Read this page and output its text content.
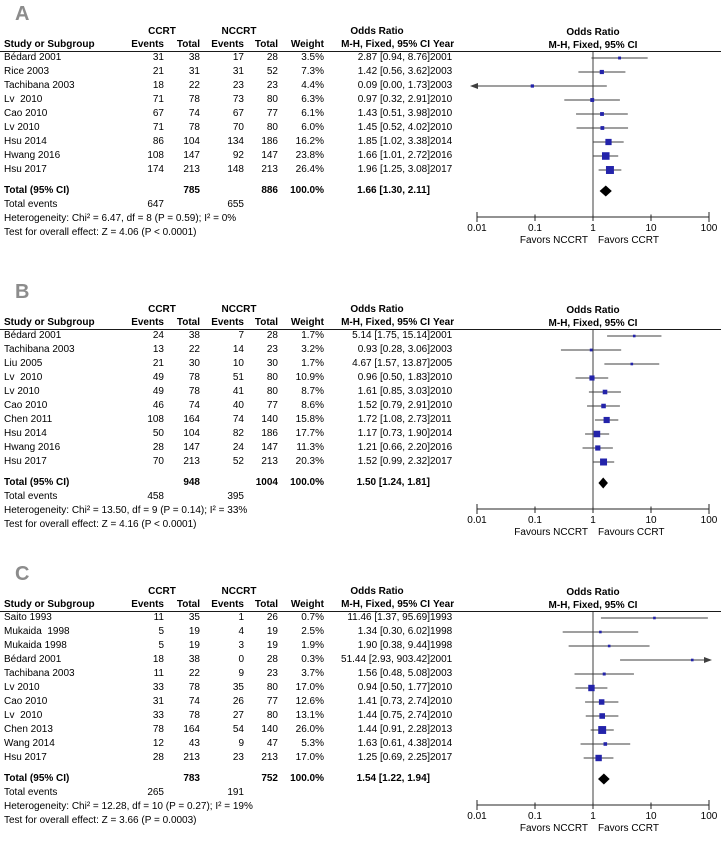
A
CCRT	NCCRT	Odds Ratio
Study or Subgroup	Events	Total	Events	Total	Weight	M-H, Fixed, 95% CI Year
Bédard 2001	31	38	17	28	3.5%	2.87 [0.94, 8.76] 2001
Rice 2003	21	31	31	52	7.3%	1.42 [0.56, 3.62] 2003
Tachibana 2003	18	22	23	23	4.4%	0.09 [0.00, 1.73] 2003
Lv  2010	71	78	73	80	6.3%	0.97 [0.32, 2.91] 2010
Cao 2010	67	74	67	77	6.1%	1.43 [0.51, 3.98] 2010
Lv 2010	71	78	70	80	6.0%	1.45 [0.52, 4.02] 2010
Hsu 2014	86	104	134	186	16.2%	1.85 [1.02, 3.38] 2014
Hwang 2016	108	147	92	147	23.8%	1.66 [1.01, 2.72] 2016
Hsu 2017	174	213	148	213	26.4%	1.96 [1.25, 3.08] 2017
Total (95% CI)	785	886	100.0%	1.66 [1.30, 2.11]
Total events	647	655
Heterogeneity: Chi² = 6.47, df = 8 (P = 0.59); I² = 0%
Test for overall effect: Z = 4.06 (P < 0.0001)
Odds Ratio
M-H, Fixed, 95% CI
0.01	0.1	1	10	100
Favors NCCRT Favors CCRT
B
CCRT	NCCRT	Odds Ratio
Study or Subgroup	Events	Total	Events	Total	Weight	M-H, Fixed, 95% CI Year
Bédard 2001	24	38	7	28	1.7%	5.14 [1.75, 15.14] 2001
Tachibana 2003	13	22	14	23	3.2%	0.93 [0.28, 3.06] 2003
Liu 2005	21	30	10	30	1.7%	4.67 [1.57, 13.87] 2005
Lv  2010	49	78	51	80	10.9%	0.96 [0.50, 1.83] 2010
Lv 2010	49	78	41	80	8.7%	1.61 [0.85, 3.03] 2010
Cao 2010	46	74	40	77	8.6%	1.52 [0.79, 2.91] 2010
Chen 2011	108	164	74	140	15.8%	1.72 [1.08, 2.73] 2011
Hsu 2014	50	104	82	186	17.7%	1.17 [0.73, 1.90] 2014
Hwang 2016	28	147	24	147	11.3%	1.21 [0.66, 2.20] 2016
Hsu 2017	70	213	52	213	20.3%	1.52 [0.99, 2.32] 2017
Total (95% CI)	948	1004	100.0%	1.50 [1.24, 1.81]
Total events	458	395
Heterogeneity: Chi² = 13.50, df = 9 (P = 0.14); I² = 33%
Test for overall effect: Z = 4.16 (P < 0.0001)
Odds Ratio
M-H, Fixed, 95% CI
0.01	0.1	1	10	100
Favours NCCRT Favours CCRT
C
CCRT	NCCRT	Odds Ratio
Study or Subgroup	Events	Total	Events	Total	Weight	M-H, Fixed, 95% CI Year
Saito 1993	11	35	1	26	0.7%	11.46 [1.37, 95.69] 1993
Mukaida  1998	5	19	4	19	2.5%	1.34 [0.30, 6.02] 1998
Mukaida 1998	5	19	3	19	1.9%	1.90 [0.38, 9.44] 1998
Bédard 2001	18	38	0	28	0.3%	51.44 [2.93, 903.42] 2001
Tachibana 2003	11	22	9	23	3.7%	1.56 [0.48, 5.08] 2003
Lv 2010	33	78	35	80	17.0%	0.94 [0.50, 1.77] 2010
Cao 2010	31	74	26	77	12.6%	1.41 [0.73, 2.74] 2010
Lv  2010	33	78	27	80	13.1%	1.44 [0.75, 2.74] 2010
Chen 2013	78	164	54	140	26.0%	1.44 [0.91, 2.28] 2013
Wang 2014	12	43	9	47	5.3%	1.63 [0.61, 4.38] 2014
Hsu 2017	28	213	23	213	17.0%	1.25 [0.69, 2.25] 2017
Total (95% CI)	783	752	100.0%	1.54 [1.22, 1.94]
Total events	265	191
Heterogeneity: Chi² = 12.28, df = 10 (P = 0.27); I² = 19%
Test for overall effect: Z = 3.66 (P = 0.0003)
Odds Ratio
M-H, Fixed, 95% CI
0.01	0.1	1	10	100
Favors NCCRT Favors CCRT
